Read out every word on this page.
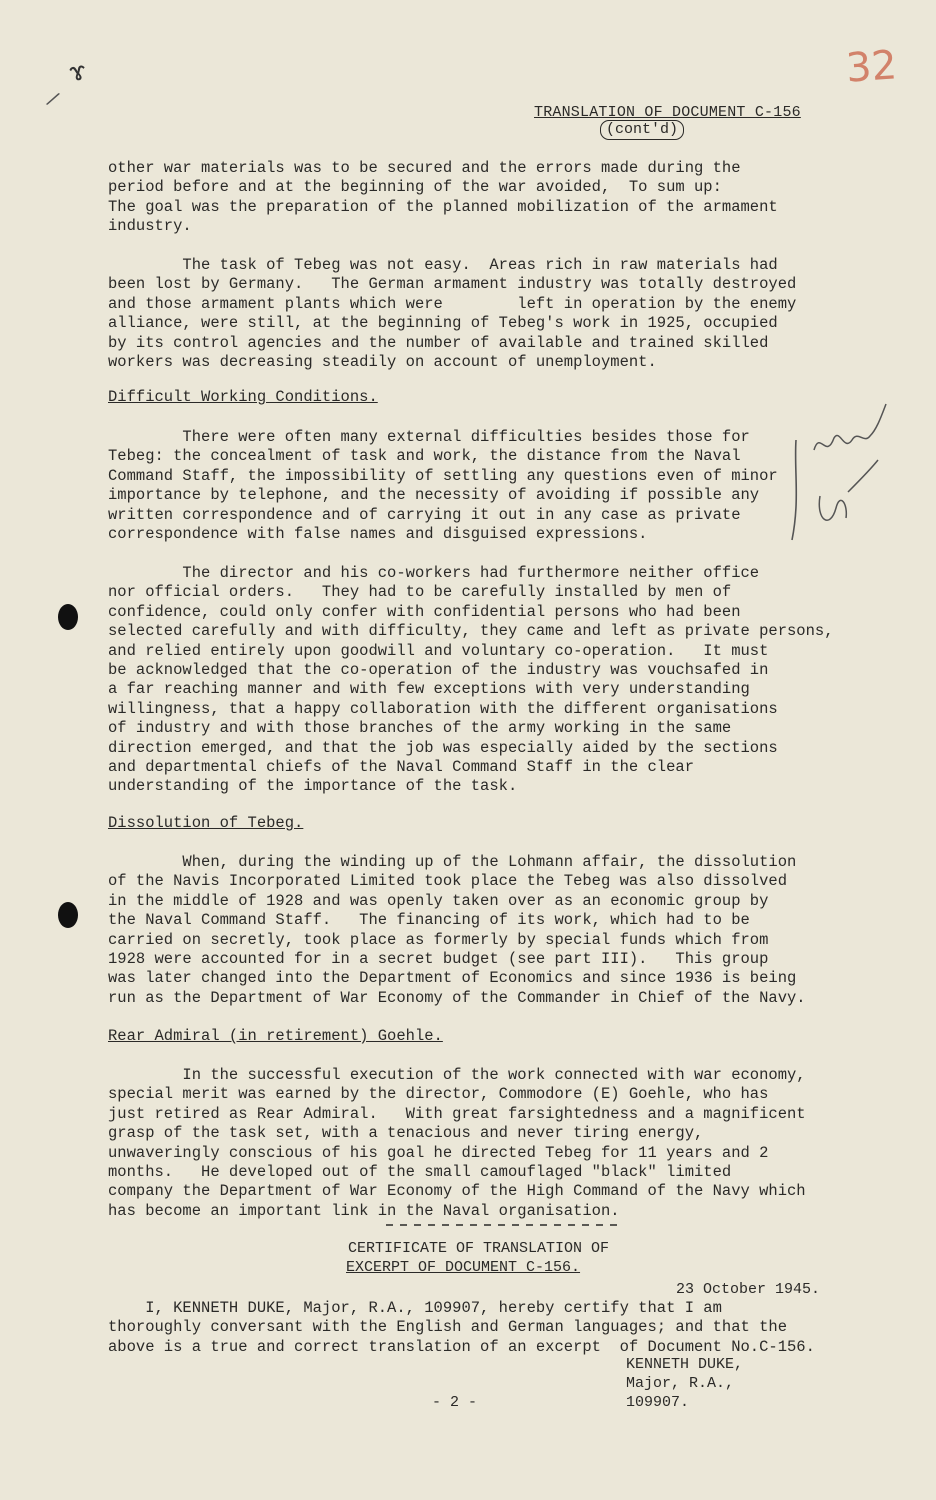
ɤ
/
32
TRANSLATION OF DOCUMENT C-156
(cont'd)
other war materials was to be secured and the errors made during the
period before and at the beginning of the war avoided,  To sum up:
The goal was the preparation of the planned mobilization of the armament
industry.
The task of Tebeg was not easy.  Areas rich in raw materials had
been lost by Germany.   The German armament industry was totally destroyed
and those armament plants which were        left in operation by the enemy
alliance, were still, at the beginning of Tebeg's work in 1925, occupied
by its control agencies and the number of available and trained skilled
workers was decreasing steadily on account of unemployment.
Difficult Working Conditions.
There were often many external difficulties besides those for
Tebeg: the concealment of task and work, the distance from the Naval
Command Staff, the impossibility of settling any questions even of minor
importance by telephone, and the necessity of avoiding if possible any
written correspondence and of carrying it out in any case as private
correspondence with false names and disguised expressions.
The director and his co-workers had furthermore neither office
nor official orders.   They had to be carefully installed by men of
confidence, could only confer with confidential persons who had been
selected carefully and with difficulty, they came and left as private persons,
and relied entirely upon goodwill and voluntary co-operation.   It must
be acknowledged that the co-operation of the industry was vouchsafed in
a far reaching manner and with few exceptions with very understanding
willingness, that a happy collaboration with the different organisations
of industry and with those branches of the army working in the same
direction emerged, and that the job was especially aided by the sections
and departmental chiefs of the Naval Command Staff in the clear
understanding of the importance of the task.
Dissolution of Tebeg.
When, during the winding up of the Lohmann affair, the dissolution
of the Navis Incorporated Limited took place the Tebeg was also dissolved
in the middle of 1928 and was openly taken over as an economic group by
the Naval Command Staff.   The financing of its work, which had to be
carried on secretly, took place as formerly by special funds which from
1928 were accounted for in a secret budget (see part III).   This group
was later changed into the Department of Economics and since 1936 is being
run as the Department of War Economy of the Commander in Chief of the Navy.
Rear Admiral (in retirement) Goehle.
In the successful execution of the work connected with war economy,
special merit was earned by the director, Commodore (E) Goehle, who has
just retired as Rear Admiral.   With great farsightedness and a magnificent
grasp of the task set, with a tenacious and never tiring energy,
unwaveringly conscious of his goal he directed Tebeg for 11 years and 2
months.   He developed out of the small camouflaged "black" limited
company the Department of War Economy of the High Command of the Navy which
has become an important link in the Naval organisation.
CERTIFICATE OF TRANSLATION OF
EXCERPT OF DOCUMENT C-156.
23 October 1945.
I, KENNETH DUKE, Major, R.A., 109907, hereby certify that I am
thoroughly conversant with the English and German languages; and that the
above is a true and correct translation of an excerpt  of Document No.C-156.
KENNETH DUKE,
Major, R.A.,
109907.
- 2 -
